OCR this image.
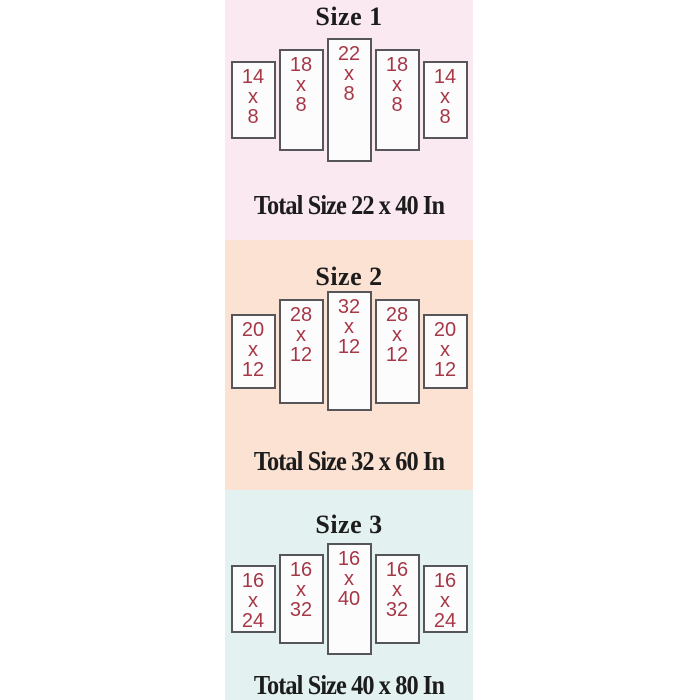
Size 1
14
x
8
18
x
8
22
x
8
18
x
8
14
x
8
Total Size 22 x 40 In
Size 2
20
x
12
28
x
12
32
x
12
28
x
12
20
x
12
Total Size 32 x 60 In
Size 3
16
x
24
16
x
32
16
x
40
16
x
32
16
x
24
Total Size 40 x 80 In
